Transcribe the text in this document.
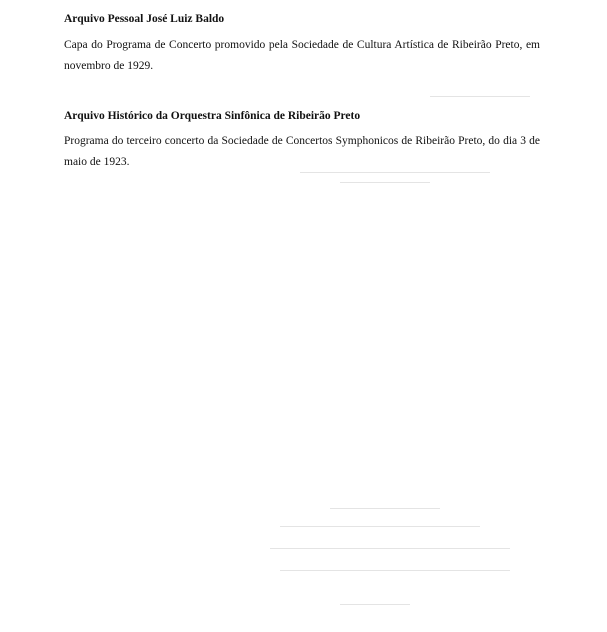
Arquivo Pessoal José Luiz Baldo
Capa do Programa de Concerto promovido pela Sociedade de Cultura Artística de Ribeirão Preto, em novembro de 1929.
Arquivo Histórico da Orquestra Sinfônica de Ribeirão Preto
Programa do terceiro concerto da Sociedade de Concertos Symphonicos de Ribeirão Preto, do dia 3 de maio de 1923.
